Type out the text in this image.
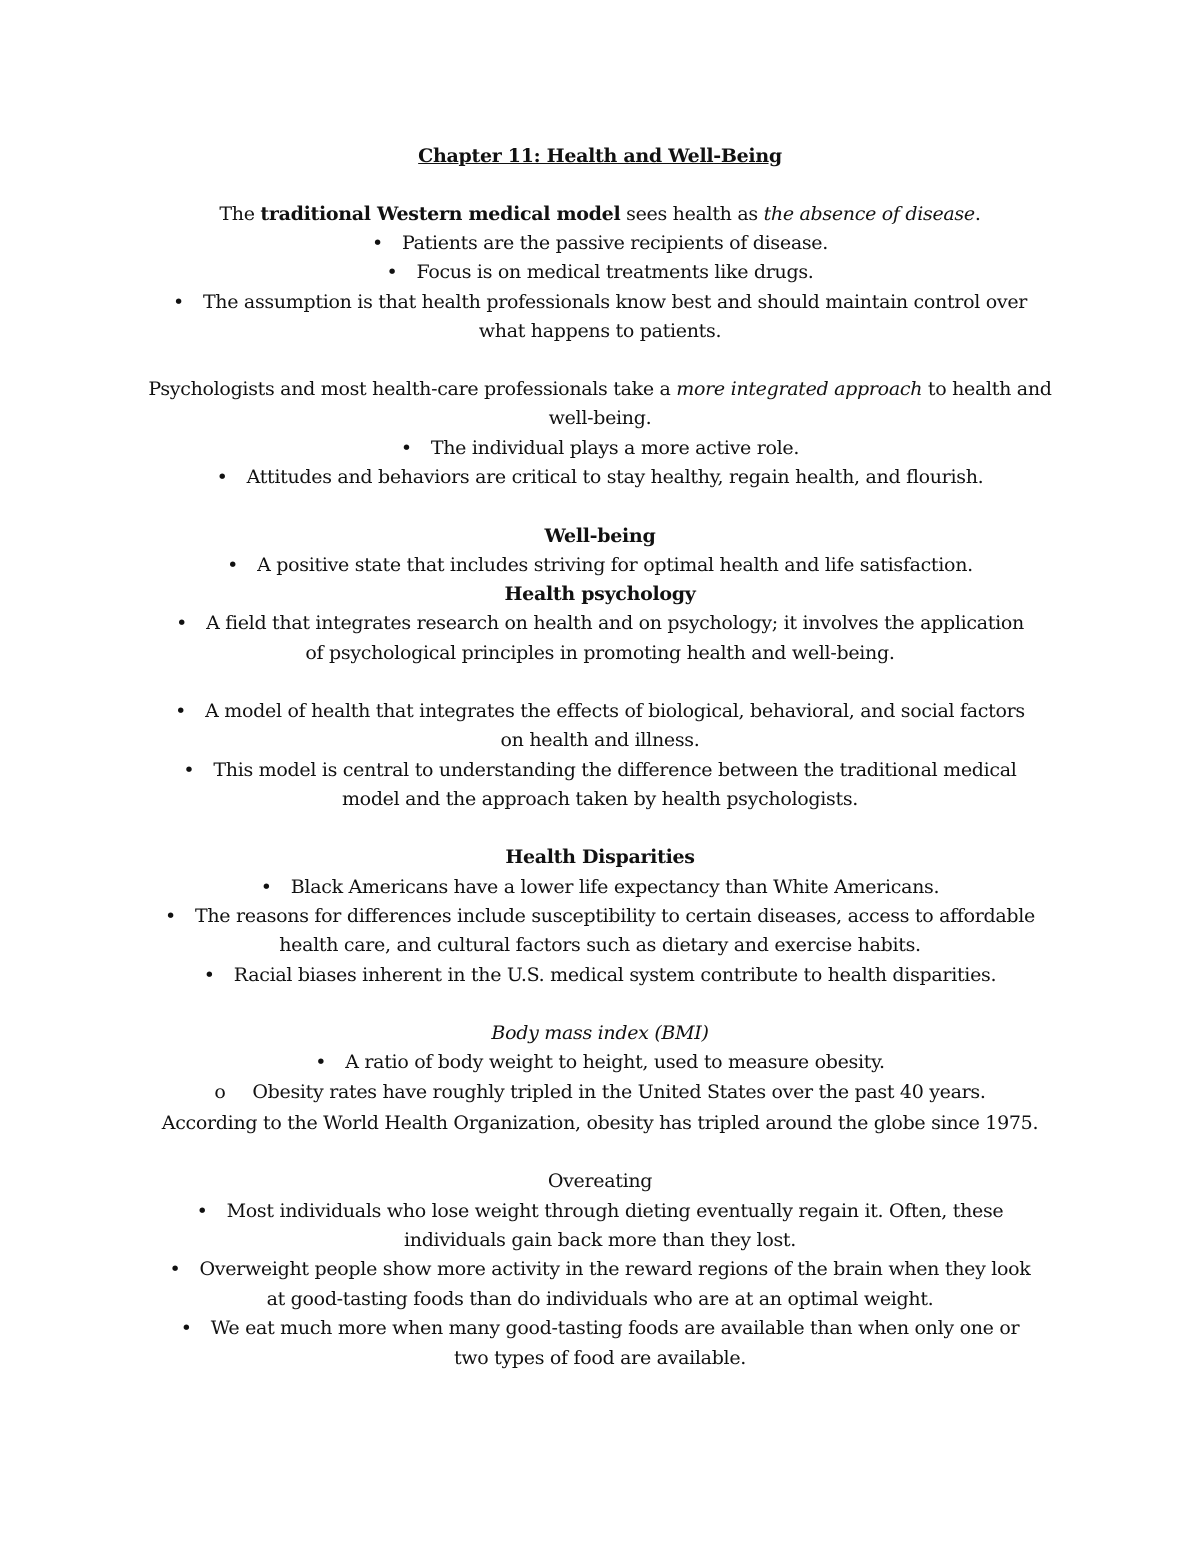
Chapter 11: Health and Well-Being
The traditional Western medical model sees health as the absence of disease.
• Patients are the passive recipients of disease.
• Focus is on medical treatments like drugs.
• The assumption is that health professionals know best and should maintain control over
what happens to patients.
Psychologists and most health-care professionals take a more integrated approach to health and
well-being.
• The individual plays a more active role.
• Attitudes and behaviors are critical to stay healthy, regain health, and flourish.
Well-being
• A positive state that includes striving for optimal health and life satisfaction.
Health psychology
• A field that integrates research on health and on psychology; it involves the application
of psychological principles in promoting health and well-being.
• A model of health that integrates the effects of biological, behavioral, and social factors
on health and illness.
• This model is central to understanding the difference between the traditional medical
model and the approach taken by health psychologists.
Health Disparities
• Black Americans have a lower life expectancy than White Americans.
• The reasons for differences include susceptibility to certain diseases, access to affordable
health care, and cultural factors such as dietary and exercise habits.
• Racial biases inherent in the U.S. medical system contribute to health disparities.
Body mass index (BMI)
• A ratio of body weight to height, used to measure obesity.
o Obesity rates have roughly tripled in the United States over the past 40 years.
According to the World Health Organization, obesity has tripled around the globe since 1975.
Overeating
• Most individuals who lose weight through dieting eventually regain it. Often, these
individuals gain back more than they lost.
• Overweight people show more activity in the reward regions of the brain when they look
at good-tasting foods than do individuals who are at an optimal weight.
• We eat much more when many good-tasting foods are available than when only one or
two types of food are available.
